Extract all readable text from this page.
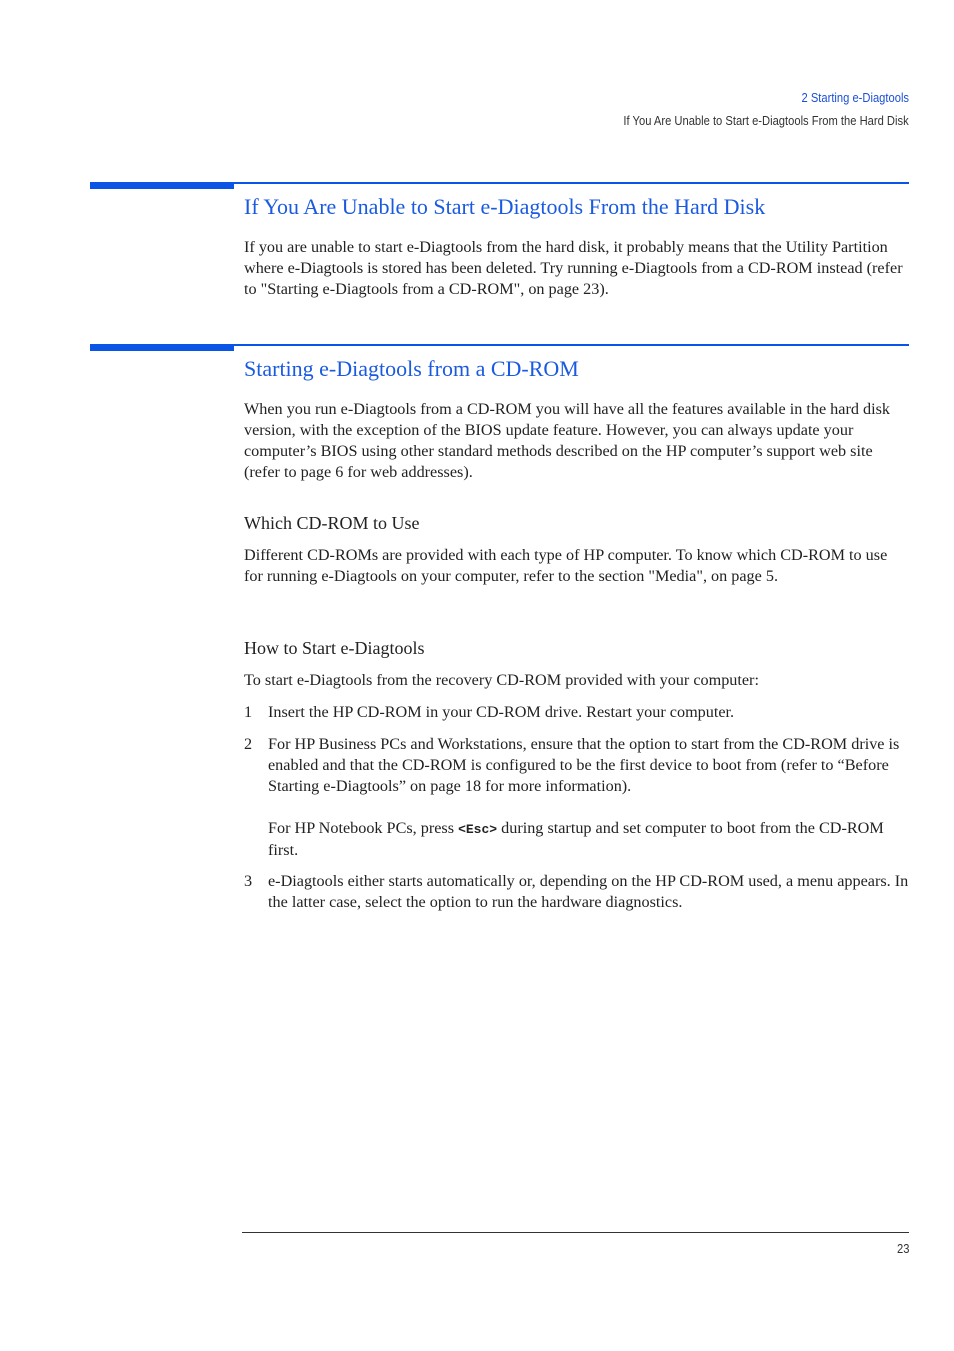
2 Starting e-Diagtools
If You Are Unable to Start e-Diagtools From the Hard Disk
If You Are Unable to Start e-Diagtools From the Hard Disk

If you are unable to start e-Diagtools from the hard disk, it probably means that the Utility Partition where e-Diagtools is stored has been deleted. Try running e-Diagtools from a CD-ROM instead (refer to "Starting e-Diagtools from a CD-ROM", on page 23).

Starting e-Diagtools from a CD-ROM

When you run e-Diagtools from a CD-ROM you will have all the features available in the hard disk version, with the exception of the BIOS update feature. However, you can always update your computer’s BIOS using other standard methods described on the HP computer’s support web site (refer to page 6 for web addresses).

Which CD-ROM to Use

Different CD-ROMs are provided with each type of HP computer. To know which CD-ROM to use for running e-Diagtools on your computer, refer to the section "Media", on page 5.

How to Start e-Diagtools

To start e-Diagtools from the recovery CD-ROM provided with your computer:

1 Insert the HP CD-ROM in your CD-ROM drive. Restart your computer.

2 For HP Business PCs and Workstations, ensure that the option to start from the CD-ROM drive is enabled and that the CD-ROM is configured to be the first device to boot from (refer to “Before Starting e-Diagtools” on page 18 for more information).

For HP Notebook PCs, press <Esc> during startup and set computer to boot from the CD-ROM first.

3 e-Diagtools either starts automatically or, depending on the HP CD-ROM used, a menu appears. In the latter case, select the option to run the hardware diagnostics.

23
